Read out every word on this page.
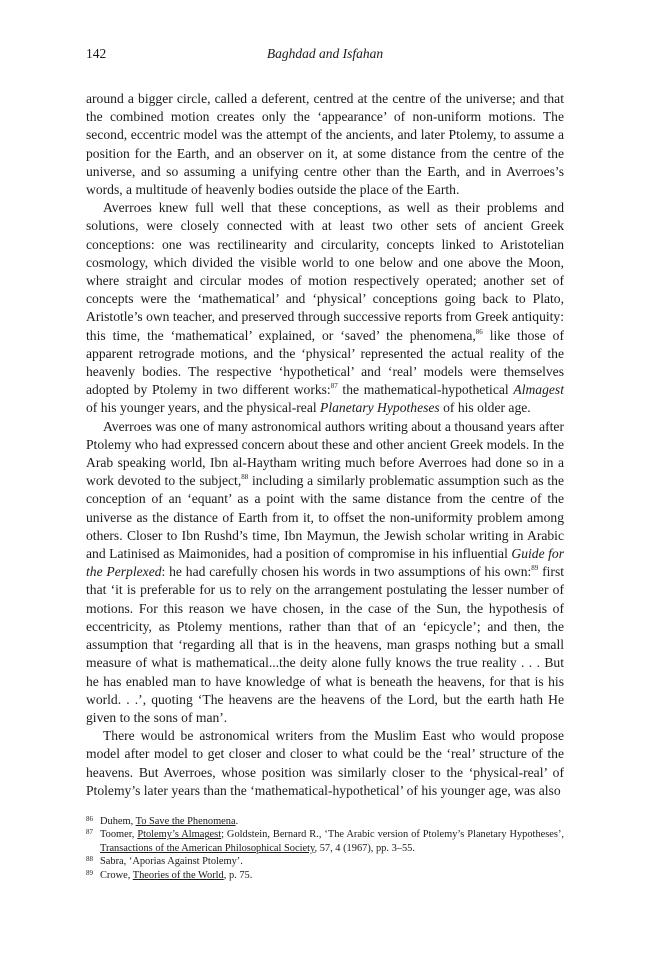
142	Baghdad and Isfahan

around a bigger circle, called a deferent, centred at the centre of the universe; and that the combined motion creates only the ‘appearance’ of non-uniform motions. The second, eccentric model was the attempt of the ancients, and later Ptolemy, to assume a position for the Earth, and an observer on it, at some distance from the centre of the universe, and so assuming a unifying centre other than the Earth, and in Averroes’s words, a multitude of heavenly bodies outside the place of the Earth.

Averroes knew full well that these conceptions, as well as their problems and solutions, were closely connected with at least two other sets of ancient Greek conceptions: one was rectilinearity and circularity, concepts linked to Aristotelian cosmology, which divided the visible world to one below and one above the Moon, where straight and circular modes of motion respectively operated; another set of concepts were the ‘mathematical’ and ‘physical’ conceptions going back to Plato, Aristotle’s own teacher, and preserved through successive reports from Greek antiquity: this time, the ‘mathematical’ explained, or ‘saved’ the phenomena,$^{86}$ like those of apparent retrograde motions, and the ‘physical’ represented the actual reality of the heavenly bodies. The respective ‘hypothetical’ and ‘real’ models were themselves adopted by Ptolemy in two different works:$^{87}$ the mathematical-hypothetical Almagest of his younger years, and the physical-real Planetary Hypotheses of his older age.

Averroes was one of many astronomical authors writing about a thousand years after Ptolemy who had expressed concern about these and other ancient Greek models. In the Arab speaking world, Ibn al-Haytham writing much before Averroes had done so in a work devoted to the subject,$^{88}$ including a similarly problematic assumption such as the conception of an ‘equant’ as a point with the same distance from the centre of the universe as the distance of Earth from it, to offset the non-uniformity problem among others. Closer to Ibn Rushd’s time, Ibn Maymun, the Jewish scholar writing in Arabic and Latinised as Maimonides, had a position of compromise in his influential Guide for the Perplexed: he had carefully chosen his words in two assumptions of his own:$^{89}$ first that ‘it is preferable for us to rely on the arrangement postulating the lesser number of motions. For this reason we have chosen, in the case of the Sun, the hypothesis of eccentricity, as Ptolemy mentions, rather than that of an ‘epicycle’; and then, the assumption that ‘regarding all that is in the heavens, man grasps nothing but a small measure of what is mathematical...the deity alone fully knows the true reality . . . But he has enabled man to have knowledge of what is beneath the heavens, for that is his world. . .’, quoting ‘The heavens are the heavens of the Lord, but the earth hath He given to the sons of man’.

There would be astronomical writers from the Muslim East who would propose model after model to get closer and closer to what could be the ‘real’ structure of the heavens. But Averroes, whose position was similarly closer to the ‘physical-real’ of Ptolemy’s later years than the ‘mathematical-hypothetical’ of his younger age, was also

86 Duhem, To Save the Phenomena.

87 Toomer, Ptolemy’s Almagest; Goldstein, Bernard R., ‘The Arabic version of Ptolemy’s Planetary Hypotheses’, Transactions of the American Philosophical Society, 57, 4 (1967), pp. 3–55.

88 Sabra, ‘Aporias Against Ptolemy’.

89 Crowe, Theories of the World, p. 75.
